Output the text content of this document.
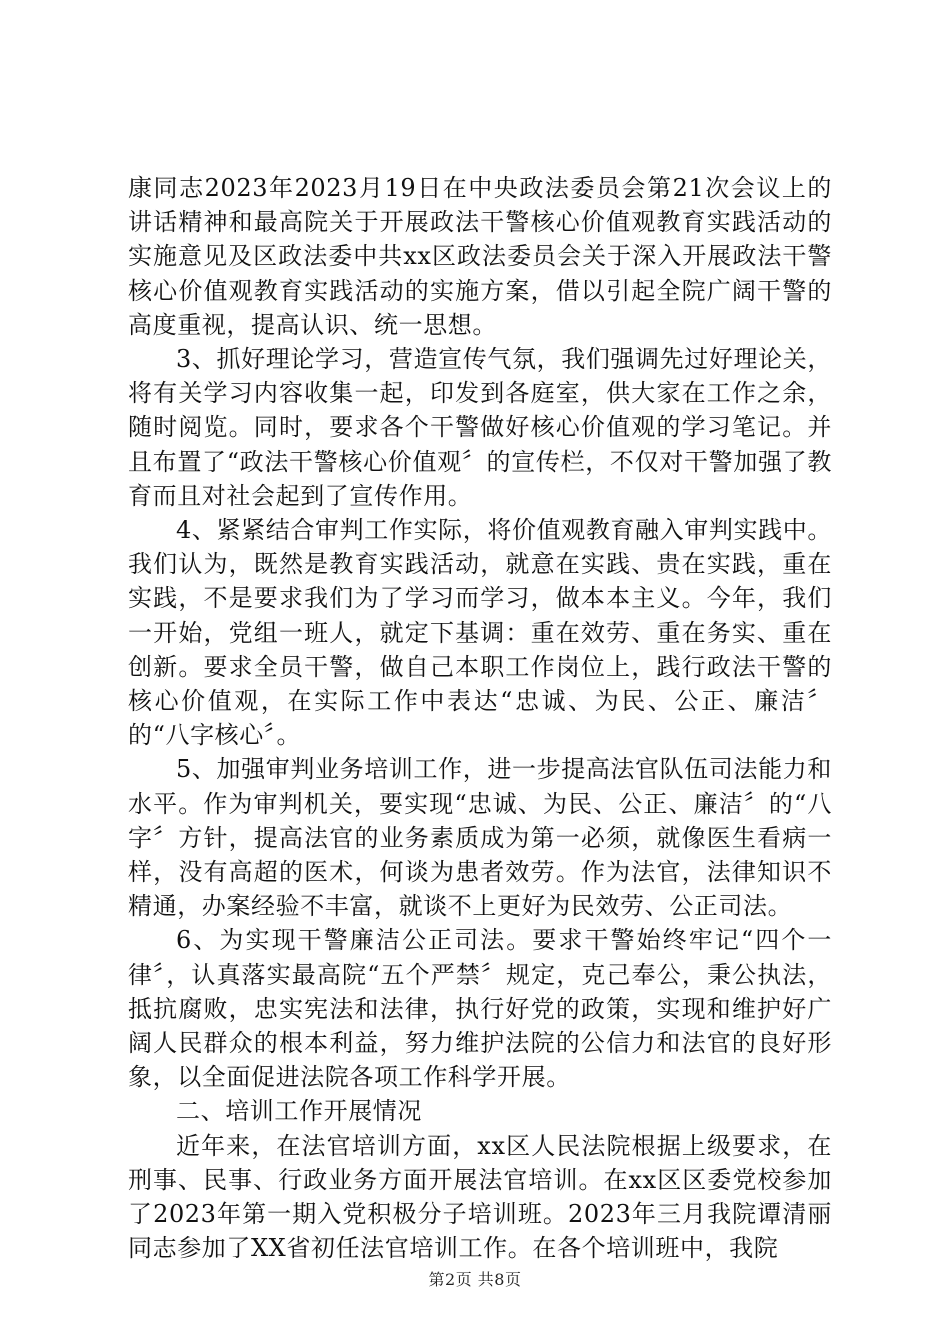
康同志2023年2023月19日在中央政法委员会第21次会议上的讲话精神和最高院关于开展政法干警核心价值观教育实践活动的实施意见及区政法委中共xx区政法委员会关于深入开展政法干警核心价值观教育实践活动的实施方案，借以引起全院广阔干警的高度重视，提高认识、统一思想。

3、抓好理论学习，营造宣传气氛，我们强调先过好理论关，将有关学习内容收集一起，印发到各庭室，供大家在工作之余，随时阅览。同时，要求各个干警做好核心价值观的学习笔记。并且布置了“政法干警核心价值观〞的宣传栏，不仅对干警加强了教育而且对社会起到了宣传作用。

4、紧紧结合审判工作实际，将价值观教育融入审判实践中。我们认为，既然是教育实践活动，就意在实践、贵在实践，重在实践，不是要求我们为了学习而学习，做本本主义。今年，我们一开始，党组一班人，就定下基调：重在效劳、重在务实、重在创新。要求全员干警，做自己本职工作岗位上，践行政法干警的核心价值观，在实际工作中表达“忠诚、为民、公正、廉洁〞的“八字核心〞。

5、加强审判业务培训工作，进一步提高法官队伍司法能力和水平。作为审判机关，要实现“忠诚、为民、公正、廉洁〞的“八字〞方针，提高法官的业务素质成为第一必须，就像医生看病一样，没有高超的医术，何谈为患者效劳。作为法官，法律知识不精通，办案经验不丰富，就谈不上更好为民效劳、公正司法。

6、为实现干警廉洁公正司法。要求干警始终牢记“四个一律〞，认真落实最高院“五个严禁〞规定，克己奉公，秉公执法，抵抗腐败，忠实宪法和法律，执行好党的政策，实现和维护好广阔人民群众的根本利益，努力维护法院的公信力和法官的良好形象，以全面促进法院各项工作科学开展。

二、培训工作开展情况

近年来，在法官培训方面，xx区人民法院根据上级要求，在刑事、民事、行政业务方面开展法官培训。在xx区区委党校参加了2023年第一期入党积极分子培训班。2023年三月我院谭清丽同志参加了XX省初任法官培训工作。在各个培训班中，我院

第2页 共8页
